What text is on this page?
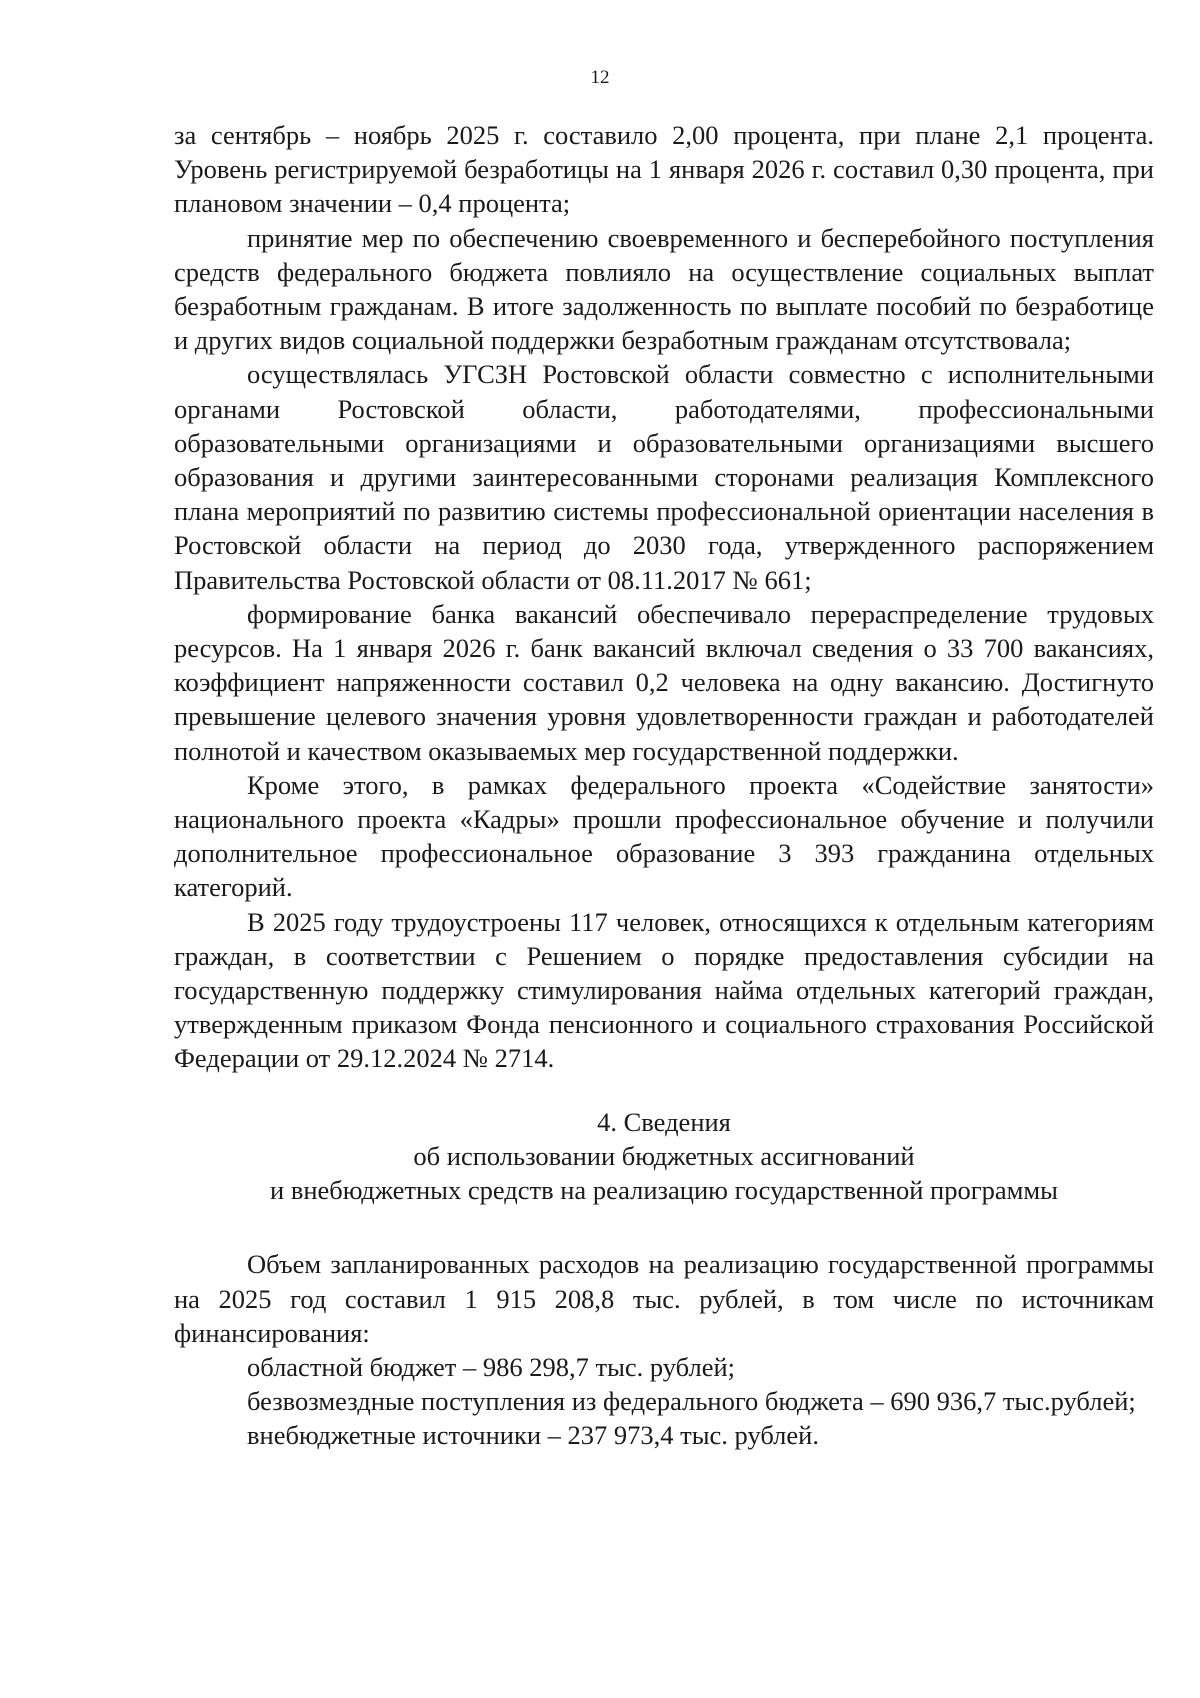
12

за сентябрь – ноябрь 2025 г. составило 2,00 процента, при плане 2,1 процента. Уровень регистрируемой безработицы на 1 января 2026 г. составил 0,30 процента, при плановом значении – 0,4 процента;

принятие мер по обеспечению своевременного и бесперебойного поступления средств федерального бюджета повлияло на осуществление социальных выплат безработным гражданам. В итоге задолженность по выплате пособий по безработице и других видов социальной поддержки безработным гражданам отсутствовала;

осуществлялась УГСЗН Ростовской области совместно с исполнительными органами Ростовской области, работодателями, профессиональными образовательными организациями и образовательными организациями высшего образования и другими заинтересованными сторонами реализация Комплексного плана мероприятий по развитию системы профессиональной ориентации населения в Ростовской области на период до 2030 года, утвержденного распоряжением Правительства Ростовской области от 08.11.2017 № 661;

формирование банка вакансий обеспечивало перераспределение трудовых ресурсов. На 1 января 2026 г. банк вакансий включал сведения о 33 700 вакансиях, коэффициент напряженности составил 0,2 человека на одну вакансию. Достигнуто превышение целевого значения уровня удовлетворенности граждан и работодателей полнотой и качеством оказываемых мер государственной поддержки.

Кроме этого, в рамках федерального проекта «Содействие занятости» национального проекта «Кадры» прошли профессиональное обучение и получили дополнительное профессиональное образование 3 393 гражданина отдельных категорий.

В 2025 году трудоустроены 117 человек, относящихся к отдельным категориям граждан, в соответствии с Решением о порядке предоставления субсидии на государственную поддержку стимулирования найма отдельных категорий граждан, утвержденным приказом Фонда пенсионного и социального страхования Российской Федерации от 29.12.2024 № 2714.

4. Сведения
об использовании бюджетных ассигнований
и внебюджетных средств на реализацию государственной программы

Объем запланированных расходов на реализацию государственной программы на 2025 год составил 1 915 208,8 тыс. рублей, в том числе по источникам финансирования:

областной бюджет – 986 298,7 тыс. рублей;

безвозмездные поступления из федерального бюджета – 690 936,7 тыс.рублей;

внебюджетные источники – 237 973,4 тыс. рублей.
